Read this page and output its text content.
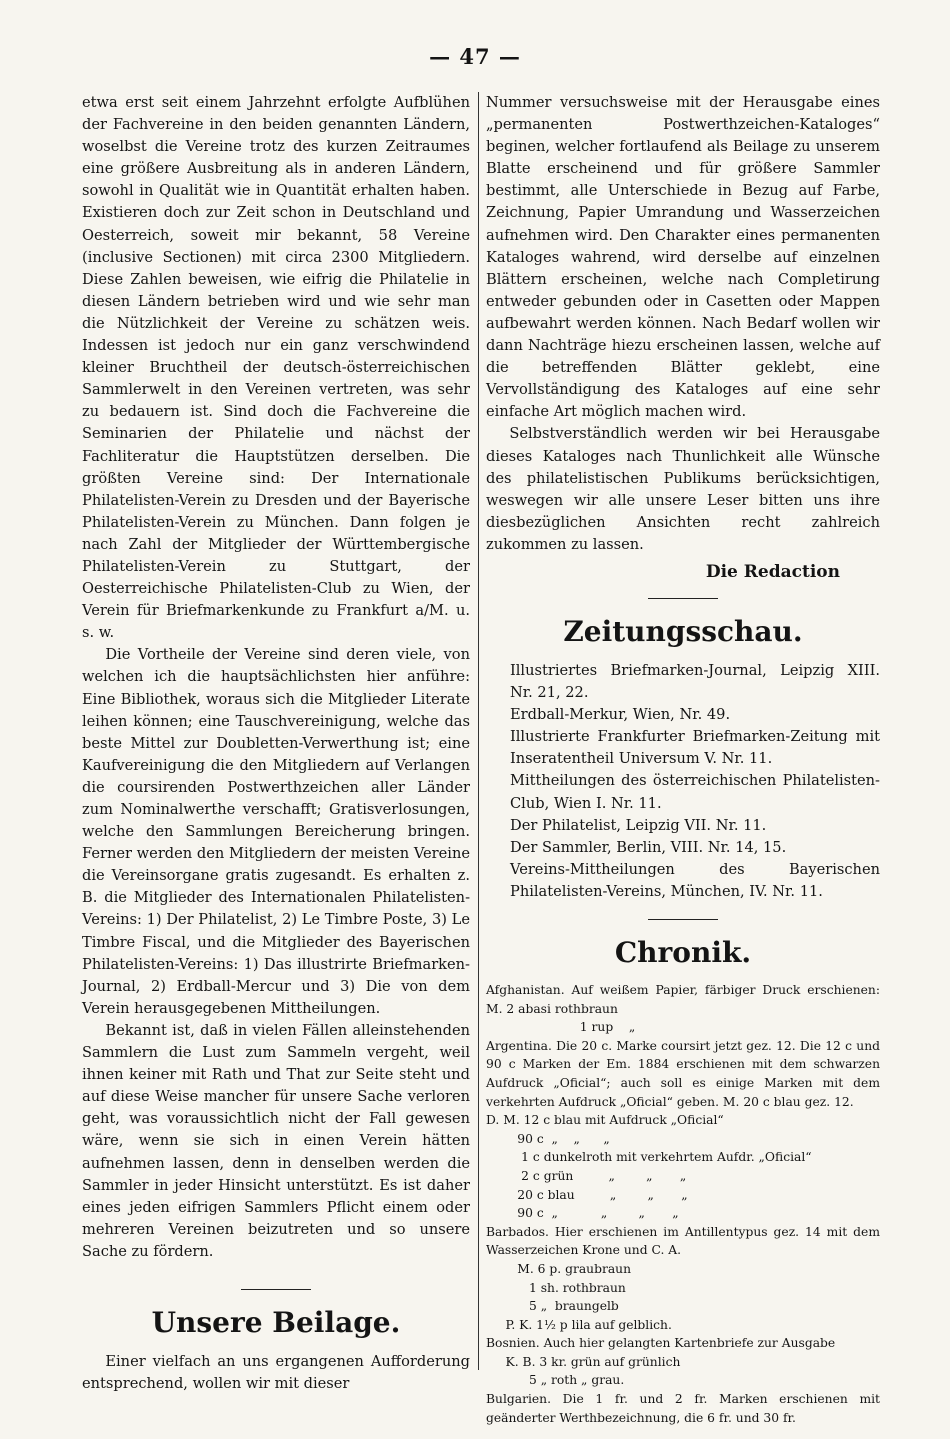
— 47 —

etwa erst seit einem Jahrzehnt erfolgte Aufblühen der Fachvereine in den beiden genannten Ländern, woselbst die Vereine trotz des kurzen Zeitraumes eine größere Ausbreitung als in anderen Ländern, sowohl in Qualität wie in Quantität erhalten haben. Existieren doch zur Zeit schon in Deutschland und Oesterreich, soweit mir bekannt, 58 Vereine (inclusive Sectionen) mit circa 2300 Mitgliedern. Diese Zahlen beweisen, wie eifrig die Philatelie in diesen Ländern betrieben wird und wie sehr man die Nützlichkeit der Vereine zu schätzen weis. Indessen ist jedoch nur ein ganz verschwindend kleiner Bruchtheil der deutsch-österreichischen Sammlerwelt in den Vereinen vertreten, was sehr zu bedauern ist. Sind doch die Fachvereine die Seminarien der Philatelie und nächst der Fachliteratur die Hauptstützen derselben. Die größten Vereine sind: Der Internationale Philatelisten-Verein zu Dresden und der Bayerische Philatelisten-Verein zu München. Dann folgen je nach Zahl der Mitglieder der Württembergische Philatelisten-Verein zu Stuttgart, der Oesterreichische Philatelisten-Club zu Wien, der Verein für Briefmarkenkunde zu Frankfurt a/M. u. s. w.

Die Vortheile der Vereine sind deren viele, von welchen ich die hauptsächlichsten hier anführe: Eine Bibliothek, woraus sich die Mitglieder Literate leihen können; eine Tauschvereinigung, welche das beste Mittel zur Doubletten-Verwerthung ist; eine Kaufvereinigung die den Mitgliedern auf Verlangen die coursirenden Postwerthzeichen aller Länder zum Nominalwerthe verschafft; Gratisverlosungen, welche den Sammlungen Bereicherung bringen. Ferner werden den Mitgliedern der meisten Vereine die Vereinsorgane gratis zugesandt. Es erhalten z. B. die Mitglieder des Internationalen Philatelisten-Vereins: 1) Der Philatelist, 2) Le Timbre Poste, 3) Le Timbre Fiscal, und die Mitglieder des Bayerischen Philatelisten-Vereins: 1) Das illustrirte Briefmarken-Journal, 2) Erdball-Mercur und 3) Die von dem Verein herausgegebenen Mittheilungen.

Bekannt ist, daß in vielen Fällen alleinstehenden Sammlern die Lust zum Sammeln vergeht, weil ihnen keiner mit Rath und That zur Seite steht und auf diese Weise mancher für unsere Sache verloren geht, was voraussichtlich nicht der Fall gewesen wäre, wenn sie sich in einen Verein hätten aufnehmen lassen, denn in denselben werden die Sammler in jeder Hinsicht unterstützt. Es ist daher eines jeden eifrigen Sammlers Pflicht einem oder mehreren Vereinen beizutreten und so unsere Sache zu fördern.

Unsere Beilage.

Einer vielfach an uns ergangenen Aufforderung entsprechend, wollen wir mit dieser

Nummer versuchsweise mit der Herausgabe eines „permanenten Postwerthzeichen-Kataloges“ beginen, welcher fortlaufend als Beilage zu unserem Blatte erscheinend und für größere Sammler bestimmt, alle Unterschiede in Bezug auf Farbe, Zeichnung, Papier Umrandung und Wasserzeichen aufnehmen wird. Den Charakter eines permanenten Kataloges wahrend, wird derselbe auf einzelnen Blättern erscheinen, welche nach Completirung entweder gebunden oder in Casetten oder Mappen aufbewahrt werden können. Nach Bedarf wollen wir dann Nachträge hiezu erscheinen lassen, welche auf die betreffenden Blätter geklebt, eine Vervollständigung des Kataloges auf eine sehr einfache Art möglich machen wird.

Selbstverständlich werden wir bei Herausgabe dieses Kataloges nach Thunlichkeit alle Wünsche des philatelistischen Publikums berücksichtigen, weswegen wir alle unsere Leser bitten uns ihre diesbezüglichen Ansichten recht zahlreich zukommen zu lassen.

Die Redaction
Zeitungsschau.

Illustriertes Briefmarken-Journal, Leipzig XIII. Nr. 21, 22.

Erdball-Merkur, Wien, Nr. 49.

Illustrierte Frankfurter Briefmarken-Zeitung mit Inseratentheil Universum V. Nr. 11.

Mittheilungen des österreichischen Philatelisten-Club, Wien I. Nr. 11.

Der Philatelist, Leipzig VII. Nr. 11.

Der Sammler, Berlin, VIII. Nr. 14, 15.

Vereins-Mittheilungen des Bayerischen Philatelisten-Vereins, München, IV. Nr. 11.

Chronik.

Afghanistan. Auf weißem Papier, färbiger Druck erschienen: M. 2 abasi rothbraun

1 rup    „

Argentina. Die 20 c. Marke coursirt jetzt gez. 12. Die 12 c und 90 c Marken der Em. 1884 erschienen mit dem schwarzen Aufdruck „Oficial“; auch soll es einige Marken mit dem verkehrten Aufdruck „Oficial“ geben. M. 20 c blau gez. 12.

D. M. 12 c blau mit Aufdruck „Oficial“
90 c  „    „      „
1 c dunkelroth mit verkehrtem Aufdr. „Oficial“
2 c grün         „        „       „
20 c blau         „        „       „
90 c  „           „        „       „

Barbados. Hier erschienen im Antillentypus gez. 14 mit dem Wasserzeichen Krone und C. A.

M. 6 p. graubraun
1 sh. rothbraun
5 „  braungelb
P. K. 1½ p lila auf gelblich.

Bosnien. Auch hier gelangten Kartenbriefe zur Ausgabe

K. B. 3 kr. grün auf grünlich
5 „ roth „ grau.

Bulgarien. Die 1 fr. und 2 fr. Marken erschienen mit geänderter Werthbezeichnung, die 6 fr. und 30 fr.
